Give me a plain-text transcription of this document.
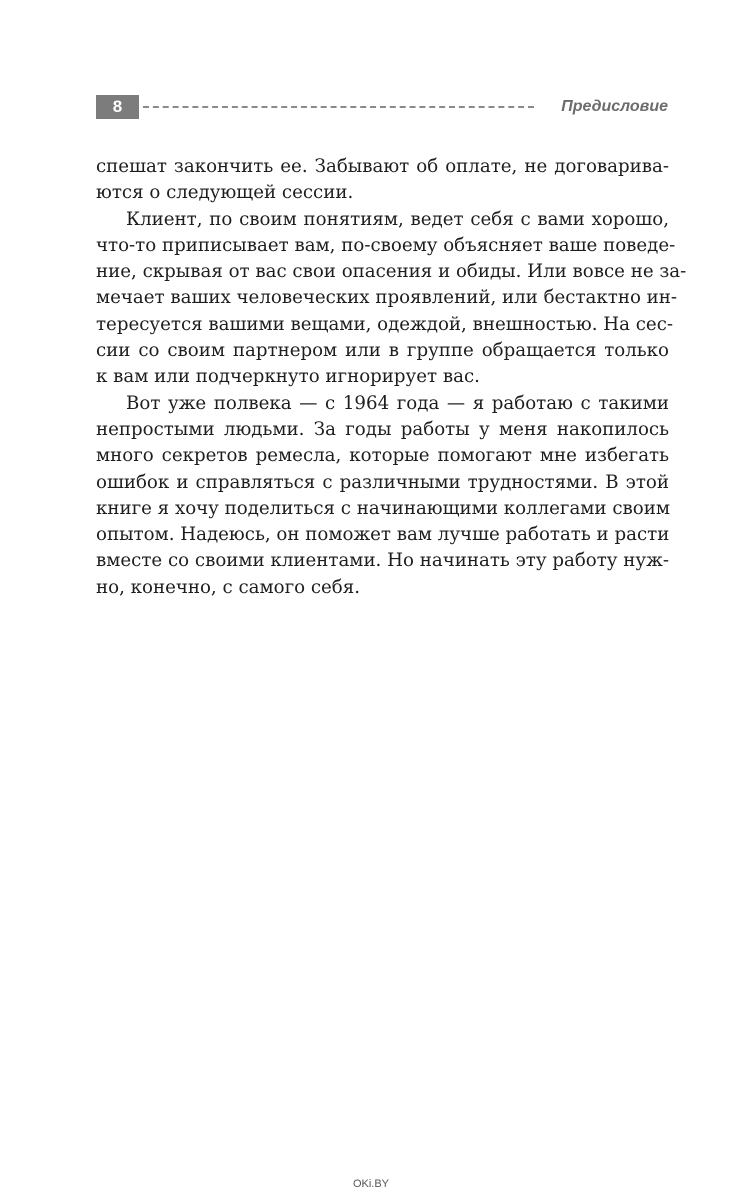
8	Предисловие

спешат закончить ее. Забывают об оплате, не договарива-
ются о следующей сессии.

Клиент, по своим понятиям, ведет себя с вами хорошо,
что-то приписывает вам, по-своему объясняет ваше поведе-
ние, скрывая от вас свои опасения и обиды. Или вовсе не за-
мечает ваших человеческих проявлений, или бестактно ин-
тересуется вашими вещами, одеждой, внешностью. На сес-
сии со своим партнером или в группе обращается только
к вам или подчеркнуто игнорирует вас.

Вот уже полвека — с 1964 года — я работаю с такими
непростыми людьми. За годы работы у меня накопилось
много секретов ремесла, которые помогают мне избегать
ошибок и справляться с различными трудностями. В этой
книге я хочу поделиться с начинающими коллегами своим
опытом. Надеюсь, он поможет вам лучше работать и расти
вместе со своими клиентами. Но начинать эту работу нуж-
но, конечно, с самого себя.

OKi.BY
